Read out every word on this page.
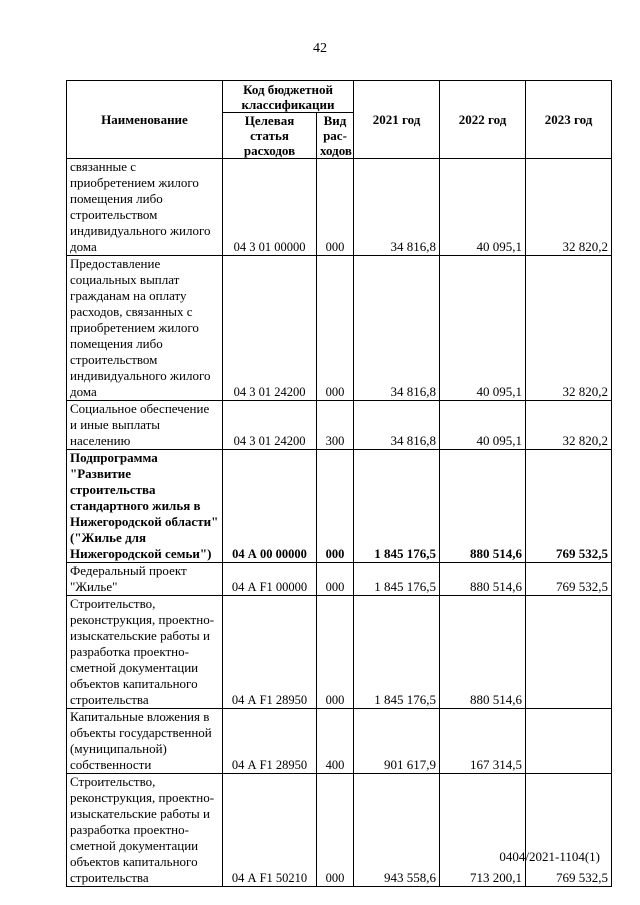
42
Наименование	Код бюджетной классификации		2021 год	2022 год	2023 год
	Целевая статья расходов	Вид рас-ходов			
связанные с приобретением жилого помещения либо строительством индивидуального жилого дома	04 3 01 00000	000	34 816,8	40 095,1	32 820,2
Предоставление социальных выплат гражданам на оплату расходов, связанных с приобретением жилого помещения либо строительством индивидуального жилого дома	04 3 01 24200	000	34 816,8	40 095,1	32 820,2
Социальное обеспечение и иные выплаты населению	04 3 01 24200	300	34 816,8	40 095,1	32 820,2
Подпрограмма "Развитие строительства стандартного жилья в Нижегородской области" ("Жилье для Нижегородской семьи")	04 А 00 00000	000	1 845 176,5	880 514,6	769 532,5
Федеральный проект "Жилье"	04 А F1 00000	000	1 845 176,5	880 514,6	769 532,5
Строительство, реконструкция, проектно-изыскательские работы и разработка проектно-сметной документации объектов капитального строительства	04 А F1 28950	000	1 845 176,5	880 514,6	
Капитальные вложения в объекты государственной (муниципальной) собственности	04 А F1 28950	400	901 617,9	167 314,5	
Строительство, реконструкция, проектно-изыскательские работы и разработка проектно-сметной документации объектов капитального строительства	04 А F1 50210	000	943 558,6	713 200,1	769 532,5
0404/2021-1104(1)
